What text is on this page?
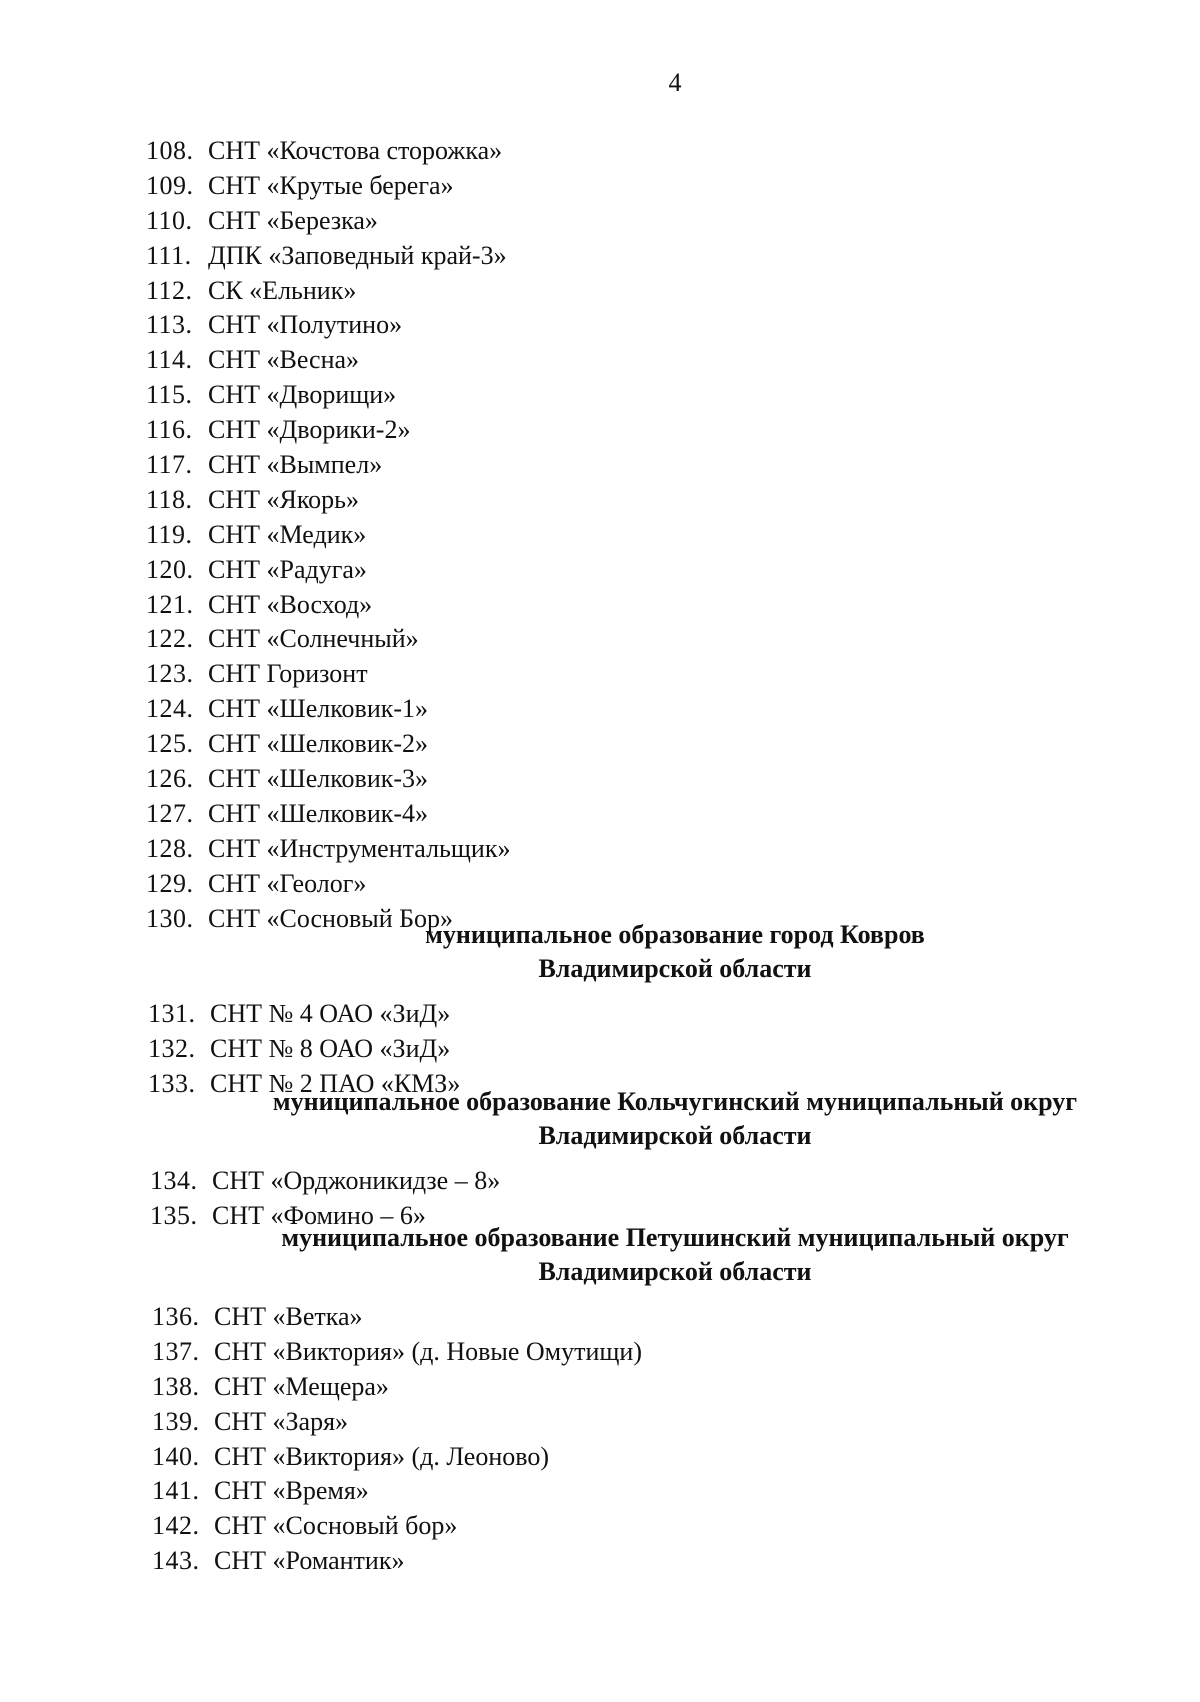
4
108. СНТ «Кочстова сторожка»
109. СНТ «Крутые берега»
110. СНТ «Березка»
111. ДПК «Заповедный край-3»
112. СК «Ельник»
113. СНТ «Полутино»
114. СНТ «Весна»
115. СНТ «Дворищи»
116. СНТ «Дворики-2»
117. СНТ «Вымпел»
118. СНТ «Якорь»
119. СНТ «Медик»
120. СНТ «Радуга»
121. СНТ «Восход»
122. СНТ «Солнечный»
123. СНТ Горизонт
124. СНТ «Шелковик-1»
125. СНТ «Шелковик-2»
126. СНТ «Шелковик-3»
127. СНТ «Шелковик-4»
128. СНТ «Инструментальщик»
129. СНТ «Геолог»
130. СНТ «Сосновый Бор»
муниципальное образование город Ковров
Владимирской области
131. СНТ № 4 ОАО «ЗиД»
132. СНТ № 8 ОАО «ЗиД»
133. СНТ № 2 ПАО «КМЗ»
муниципальное образование Кольчугинский муниципальный округ
Владимирской области
134. СНТ «Орджоникидзе – 8»
135. СНТ «Фомино – 6»
муниципальное образование Петушинский муниципальный округ
Владимирской области
136. СНТ «Ветка»
137. СНТ «Виктория» (д. Новые Омутищи)
138. СНТ «Мещера»
139. СНТ «Заря»
140. СНТ «Виктория» (д. Леоново)
141. СНТ «Время»
142. СНТ «Сосновый бор»
143. СНТ «Романтик»
